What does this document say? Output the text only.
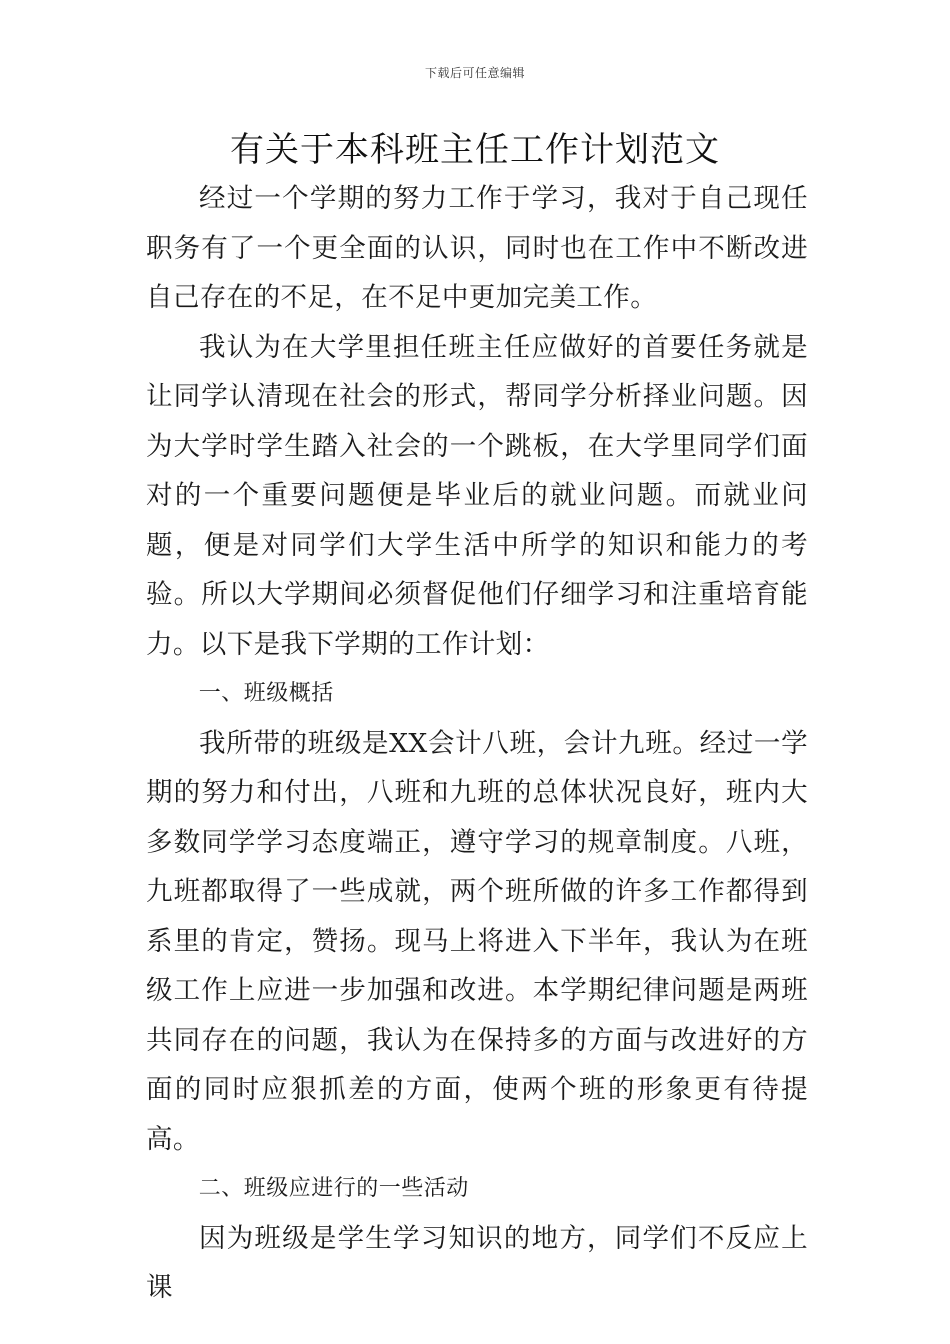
下载后可任意编辑
有关于本科班主任工作计划范文

经过一个学期的努力工作于学习，我对于自己现任职务有了一个更全面的认识，同时也在工作中不断改进自己存在的不足，在不足中更加完美工作。

我认为在大学里担任班主任应做好的首要任务就是让同学认清现在社会的形式，帮同学分析择业问题。因为大学时学生踏入社会的一个跳板，在大学里同学们面对的一个重要问题便是毕业后的就业问题。而就业问题，便是对同学们大学生活中所学的知识和能力的考验。所以大学期间必须督促他们仔细学习和注重培育能力。以下是我下学期的工作计划：

一、班级概括

我所带的班级是XX会计八班，会计九班。经过一学期的努力和付出，八班和九班的总体状况良好，班内大多数同学学习态度端正，遵守学习的规章制度。八班，九班都取得了一些成就，两个班所做的许多工作都得到系里的肯定，赞扬。现马上将进入下半年，我认为在班级工作上应进一步加强和改进。本学期纪律问题是两班共同存在的问题，我认为在保持多的方面与改进好的方面的同时应狠抓差的方面，使两个班的形象更有待提高。

二、班级应进行的一些活动

因为班级是学生学习知识的地方，同学们不反应上课
